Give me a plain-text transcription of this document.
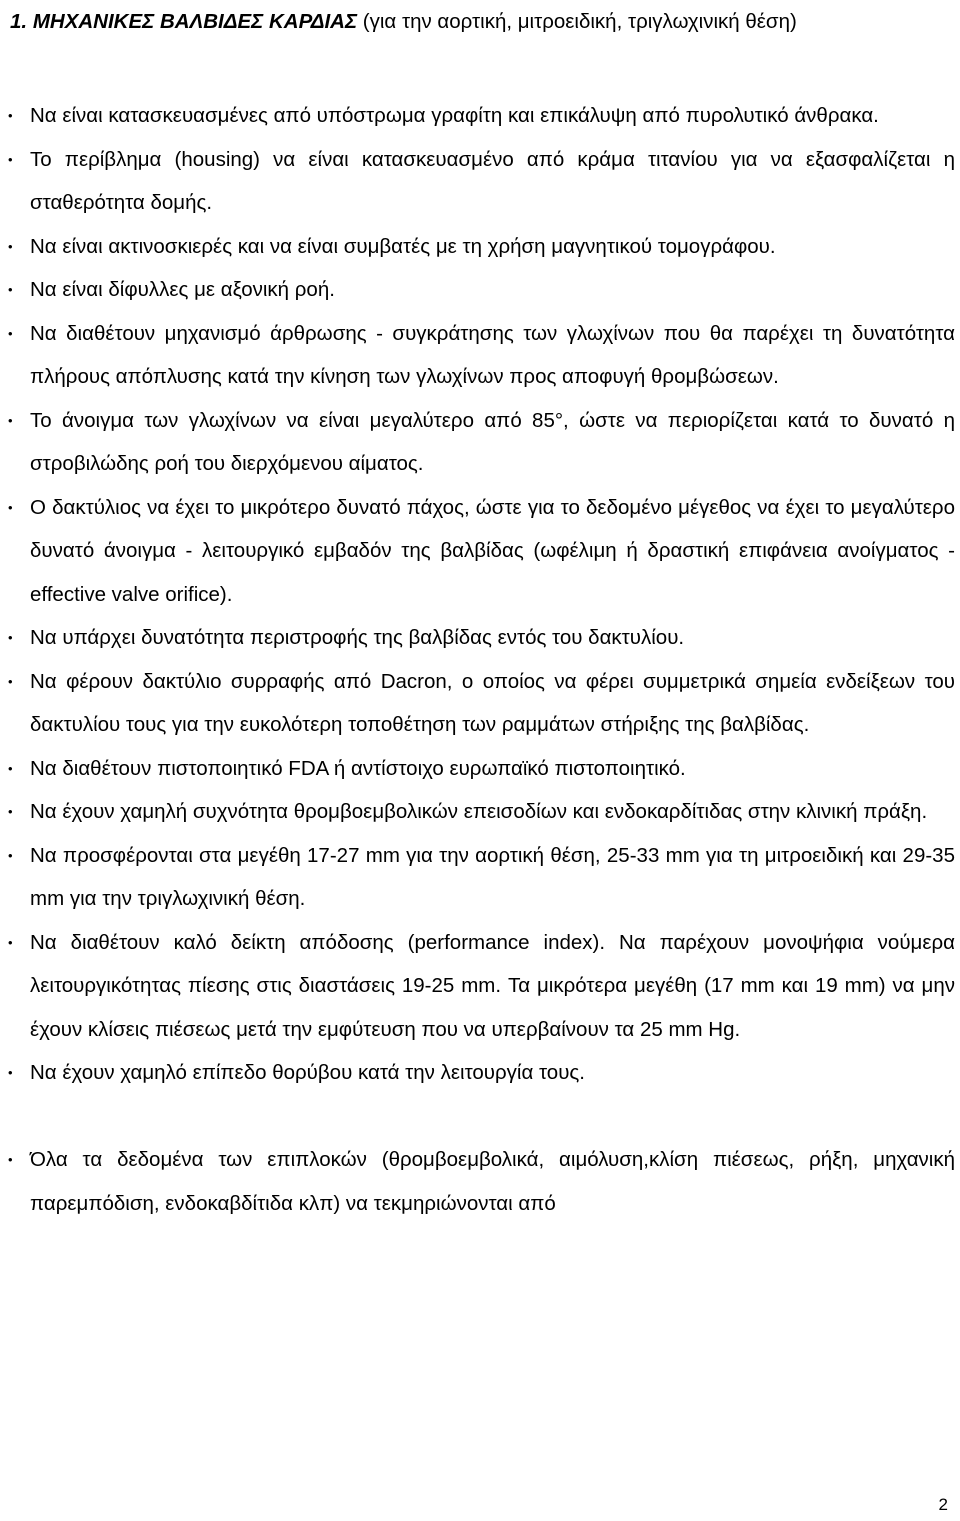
1. ΜΗΧΑΝΙΚΕΣ ΒΑΛΒΙΔΕΣ ΚΑΡΔΙΑΣ (για την αορτική, μιτροειδική, τριγλωχινική θέση)
• Να είναι κατασκευασμένες από υπόστρωμα γραφίτη και επικάλυψη από πυρολυτικό άνθρακα.
• Το περίβλημα (housing) να είναι κατασκευασμένο από κράμα τιτανίου για να εξασφαλίζεται η σταθερότητα δομής.
• Να είναι ακτινοσκιερές και να είναι συμβατές με τη χρήση μαγνητικού τομογράφου.
• Να είναι δίφυλλες με αξονική ροή.
• Να διαθέτουν μηχανισμό άρθρωσης - συγκράτησης των γλωχίνων που θα παρέχει τη δυνατότητα πλήρους απόπλυσης κατά την κίνηση των γλωχίνων προς αποφυγή θρομβώσεων.
• Το άνοιγμα των γλωχίνων να είναι μεγαλύτερο από 85°, ώστε να περιορίζεται κατά το δυνατό η στροβιλώδης ροή του διερχόμενου αίματος.
• Ο δακτύλιος να έχει το μικρότερο δυνατό πάχος, ώστε για το δεδομένο μέγεθος να έχει το μεγαλύτερο δυνατό άνοιγμα - λειτουργικό εμβαδόν της βαλβίδας (ωφέλιμη ή δραστική επιφάνεια ανοίγματος - effective valve orifice).
• Να υπάρχει δυνατότητα περιστροφής της βαλβίδας εντός του δακτυλίου.
• Να φέρουν δακτύλιο συρραφής από Dacron, ο οποίος να φέρει συμμετρικά σημεία ενδείξεων του δακτυλίου τους για την ευκολότερη τοποθέτηση των ραμμάτων στήριξης της βαλβίδας.
• Να διαθέτουν πιστοποιητικό FDA ή αντίστοιχο ευρωπαϊκό πιστοποιητικό.
• Να έχουν χαμηλή συχνότητα θρομβοεμβολικών επεισοδίων και ενδοκαρδίτιδας στην κλινική πράξη.
• Να προσφέρονται στα μεγέθη 17-27 mm για την αορτική θέση, 25-33 mm για τη μιτροειδική και 29-35 mm για την τριγλωχινική θέση.
• Να διαθέτουν καλό δείκτη απόδοσης (performance index). Να παρέχουν μονοψήφια νούμερα λειτουργικότητας πίεσης στις διαστάσεις 19-25 mm. Τα μικρότερα μεγέθη (17 mm και 19 mm) να μην έχουν κλίσεις πιέσεως μετά την εμφύτευση που να υπερβαίνουν τα 25 mm Hg.
• Να έχουν χαμηλό επίπεδο θορύβου κατά την λειτουργία τους.
• Όλα τα δεδομένα των επιπλοκών (θρομβοεμβολικά, αιμόλυση,κλίση πιέσεως, ρήξη, μηχανική παρεμπόδιση, ενδοκαβδίτιδα κλπ) να τεκμηριώνονται από
2
